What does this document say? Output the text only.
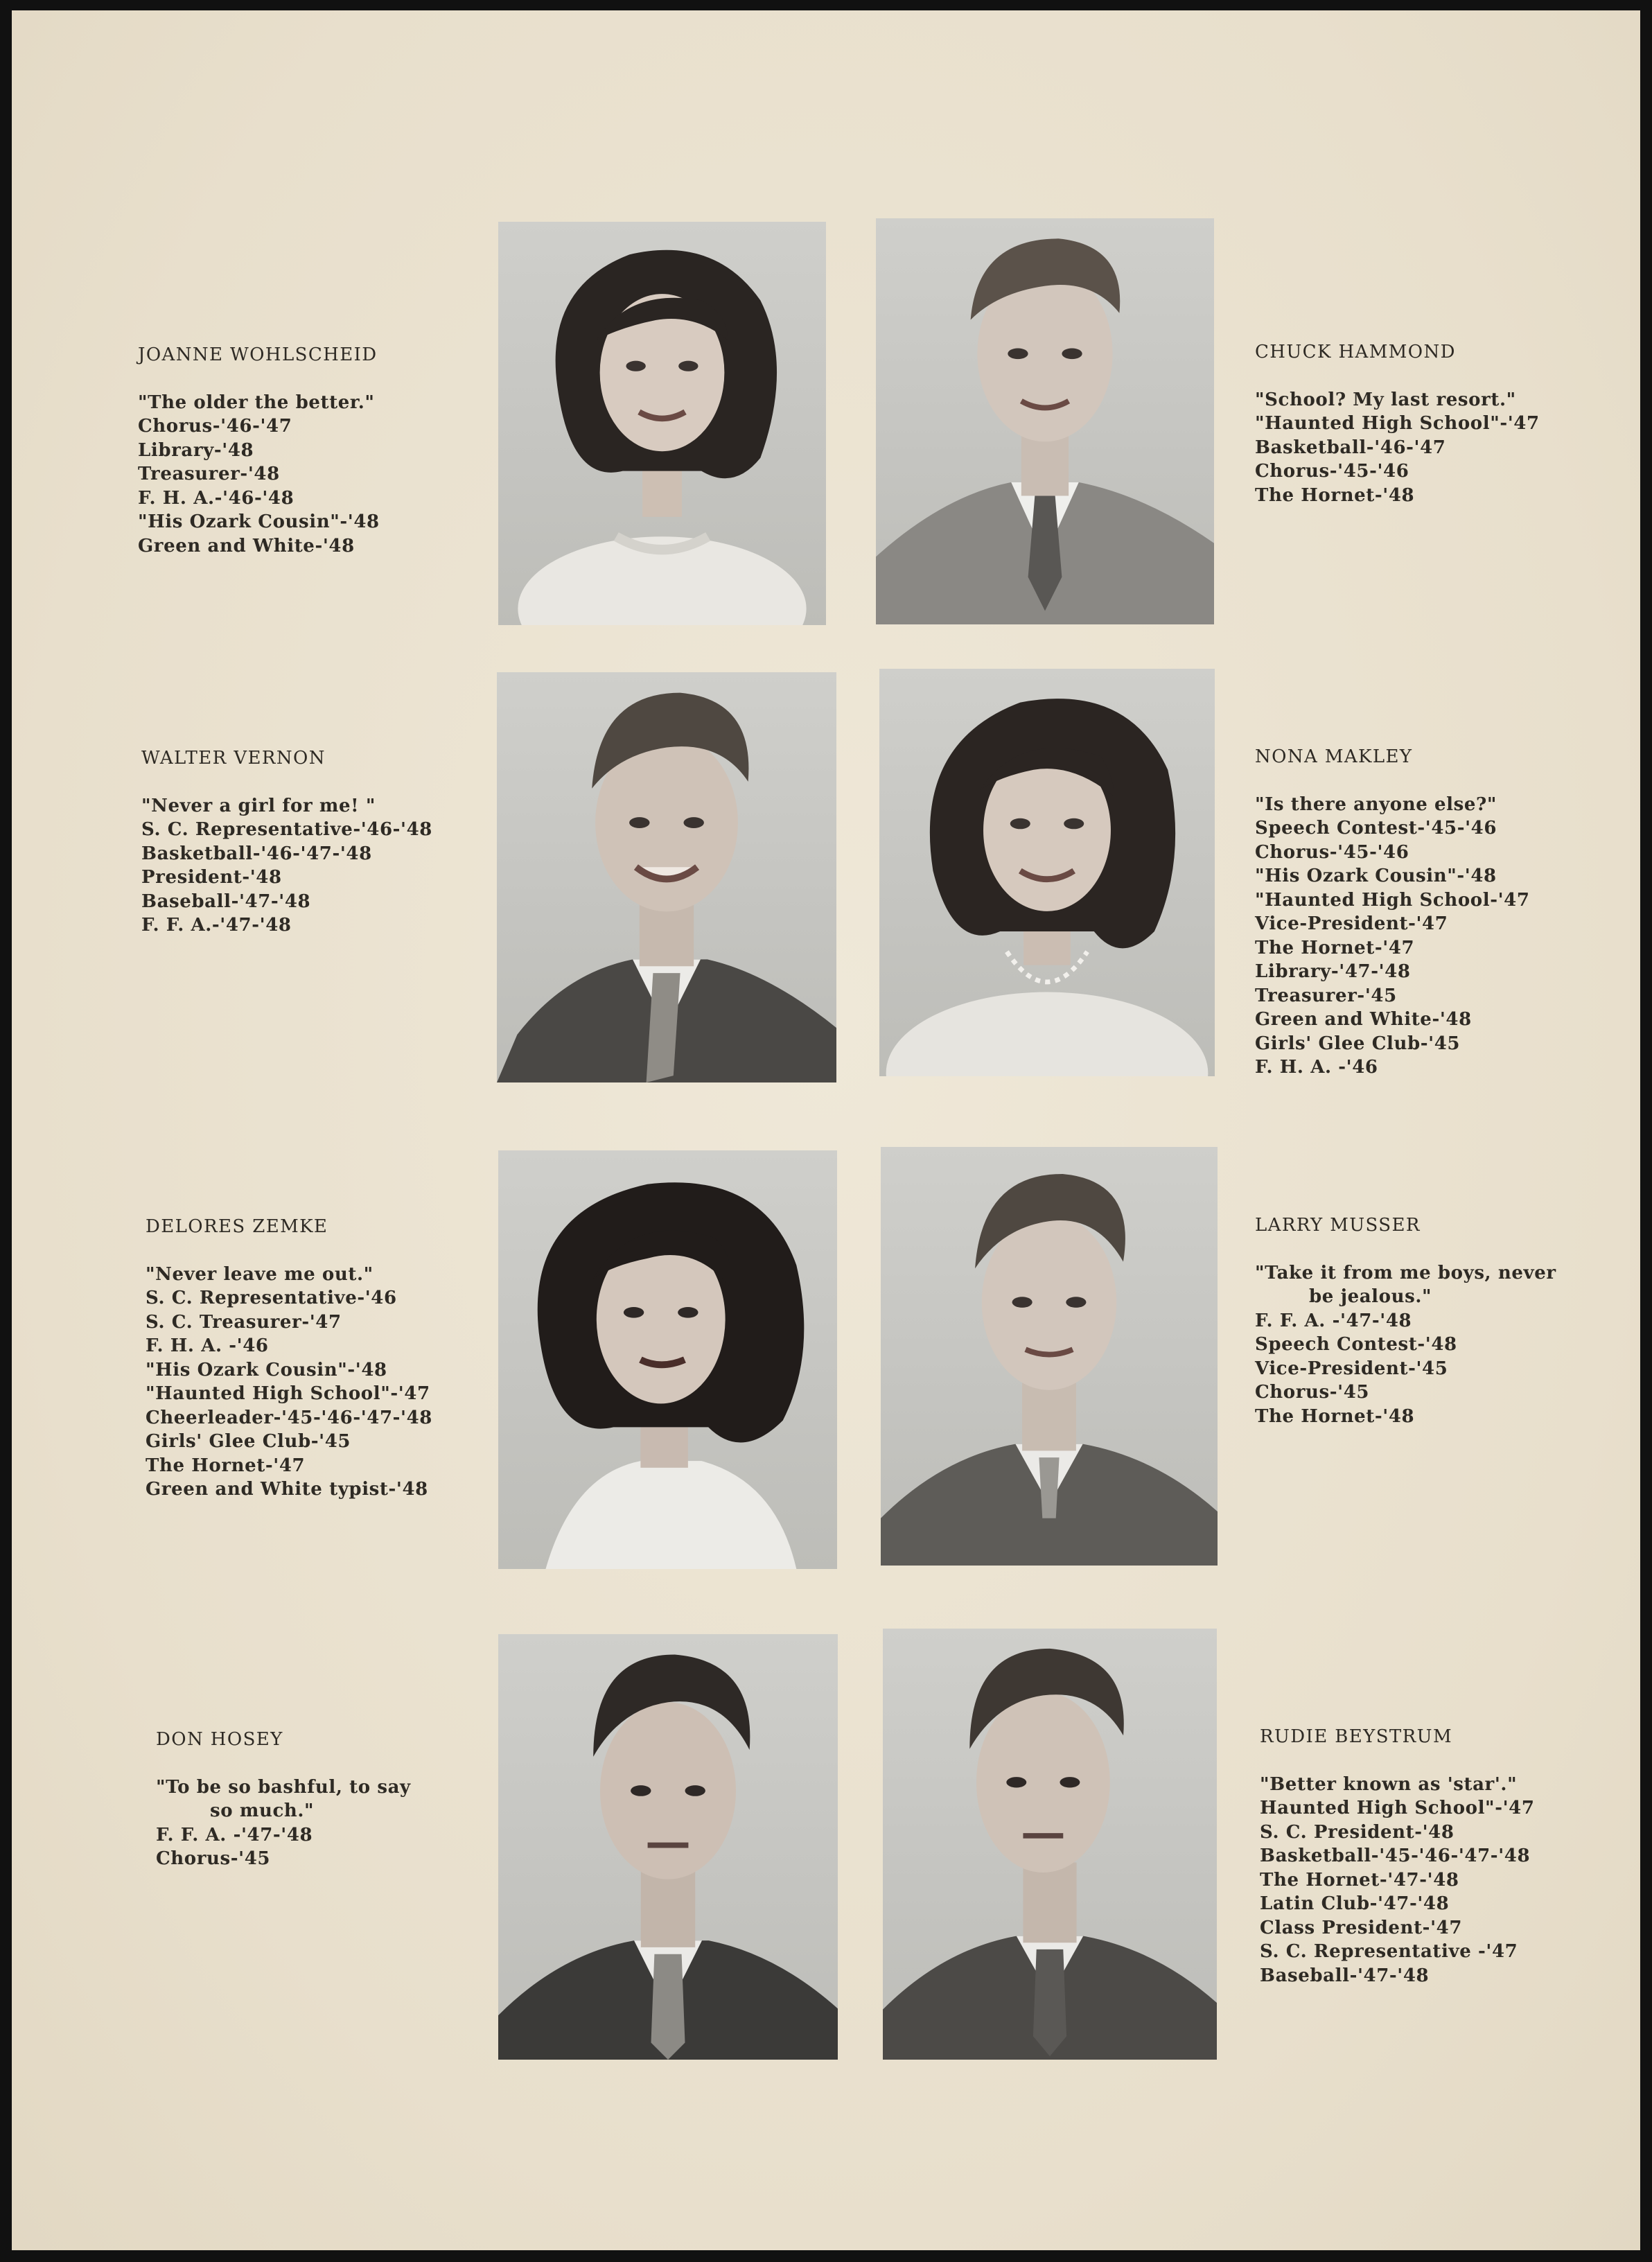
JOANNE WOHLSCHEID
"The older the better."
Chorus-'46-'47
Library-'48
Treasurer-'48
F. H. A.-'46-'48
"His Ozark Cousin"-'48
Green and White-'48
CHUCK HAMMOND
"School? My last resort."
"Haunted High School"-'47
Basketball-'46-'47
Chorus-'45-'46
The Hornet-'48
WALTER VERNON
"Never a girl for me! "
S. C. Representative-'46-'48
Basketball-'46-'47-'48
President-'48
Baseball-'47-'48
F. F. A.-'47-'48
NONA MAKLEY
"Is there anyone else?"
Speech Contest-'45-'46
Chorus-'45-'46
"His Ozark Cousin"-'48
"Haunted High School-'47
Vice-President-'47
The Hornet-'47
Library-'47-'48
Treasurer-'45
Green and White-'48
Girls' Glee Club-'45
F. H. A. -'46
DELORES ZEMKE
"Never leave me out."
S. C. Representative-'46
S. C. Treasurer-'47
F. H. A. -'46
"His Ozark Cousin"-'48
"Haunted High School"-'47
Cheerleader-'45-'46-'47-'48
Girls' Glee Club-'45
The Hornet-'47
Green and White typist-'48
LARRY MUSSER
"Take it from me boys, never
be jealous."
F. F. A. -'47-'48
Speech Contest-'48
Vice-President-'45
Chorus-'45
The Hornet-'48
DON HOSEY
"To be so bashful, to say
so much."
F. F. A. -'47-'48
Chorus-'45
RUDIE BEYSTRUM
"Better known as 'star'."
Haunted High School"-'47
S. C. President-'48
Basketball-'45-'46-'47-'48
The Hornet-'47-'48
Latin Club-'47-'48
Class President-'47
S. C. Representative -'47
Baseball-'47-'48
